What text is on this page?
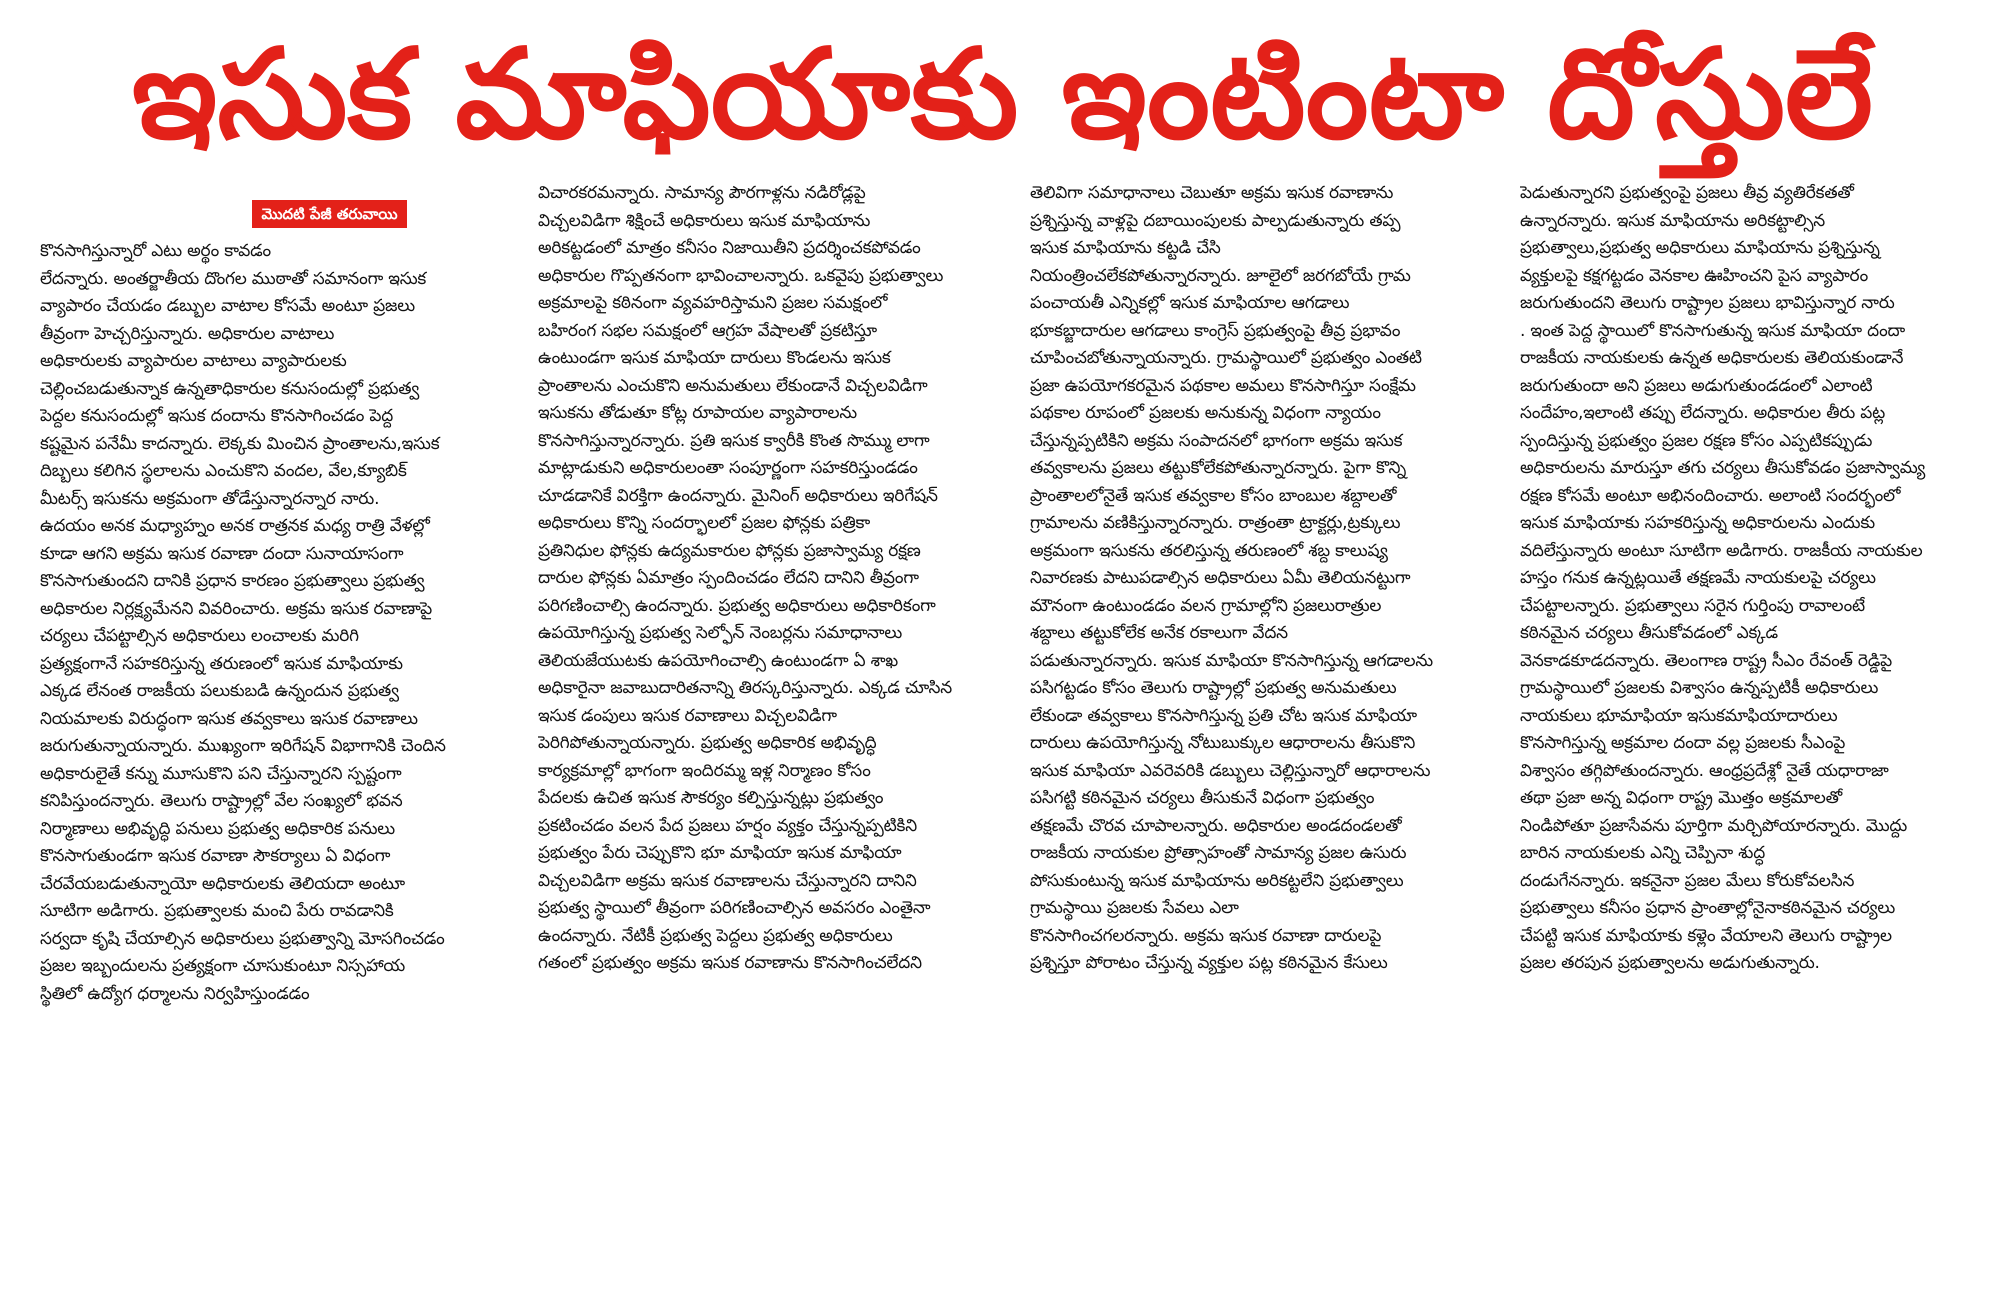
ఇసుక మాఫియాకు ఇంటింటా దోస్తులే
మొదటి పేజీ తరువాయి

కొనసాగిస్తున్నారో ఎటు అర్థం కావడం

లేదన్నారు. అంతర్జాతీయ దొంగల ముఠాతో సమానంగా ఇసుక

వ్యాపారం చేయడం డబ్బుల వాటాల కోసమే అంటూ ప్రజలు

తీవ్రంగా హెచ్చరిస్తున్నారు. అధికారుల వాటాలు

అధికారులకు వ్యాపారుల వాటాలు వ్యాపారులకు

చెల్లించబడుతున్నాక ఉన్నతాధికారుల కనుసందుల్లో ప్రభుత్వ

పెద్దల కనుసందుల్లో ఇసుక దందాను కొనసాగించడం పెద్ద

కష్టమైన పనేమీ కాదన్నారు. లెక్కకు మించిన ప్రాంతాలను,ఇసుక

దిబ్బలు కలిగిన స్థలాలను ఎంచుకొని వందల, వేల,క్యూబిక్

మీటర్స్ ఇసుకను అక్రమంగా తోడేస్తున్నారన్నార నారు.

ఉదయం అనక మధ్యాహ్నం అనక రాత్రనక మధ్య రాత్రి వేళల్లో

కూడా ఆగని అక్రమ ఇసుక రవాణా దందా సునాయాసంగా

కొనసాగుతుందని దానికి ప్రధాన కారణం ప్రభుత్వాలు ప్రభుత్వ

అధికారుల నిర్లక్ష్యమేనని వివరించారు. అక్రమ ఇసుక రవాణాపై

చర్యలు చేపట్టాల్సిన అధికారులు లంచాలకు మరిగి

ప్రత్యక్షంగానే సహకరిస్తున్న తరుణంలో ఇసుక మాఫియాకు

ఎక్కడ లేనంత రాజకీయ పలుకుబడి ఉన్నందున ప్రభుత్వ

నియమాలకు విరుద్ధంగా ఇసుక తవ్వకాలు ఇసుక రవాణాలు

జరుగుతున్నాయన్నారు. ముఖ్యంగా ఇరిగేషన్ విభాగానికి చెందిన

అధికారులైతే కన్ను మూసుకొని పని చేస్తున్నారని స్పష్టంగా

కనిపిస్తుందన్నారు. తెలుగు రాష్ట్రాల్లో వేల సంఖ్యలో భవన

నిర్మాణాలు అభివృద్ధి పనులు ప్రభుత్వ అధికారిక పనులు

కొనసాగుతుండగా ఇసుక రవాణా సౌకర్యాలు ఏ విధంగా

చేరవేయబడుతున్నాయో అధికారులకు తెలియదా అంటూ

సూటిగా అడిగారు. ప్రభుత్వాలకు మంచి పేరు రావడానికి

సర్వదా కృషి చేయాల్సిన అధికారులు ప్రభుత్వాన్ని మోసగించడం

ప్రజల ఇబ్బందులను ప్రత్యక్షంగా చూసుకుంటూ నిస్సహాయ

స్థితిలో ఉద్యోగ ధర్మాలను నిర్వహిస్తుండడం

విచారకరమన్నారు. సామాన్య పౌరగాళ్లను నడిరోడ్లపై

విచ్చలవిడిగా శిక్షించే అధికారులు ఇసుక మాఫియాను

అరికట్టడంలో మాత్రం కనీసం నిజాయితీని ప్రదర్శించకపోవడం

అధికారుల గొప్పతనంగా భావించాలన్నారు. ఒకవైపు ప్రభుత్వాలు

అక్రమాలపై కఠినంగా వ్యవహరిస్తామని ప్రజల సమక్షంలో

బహిరంగ సభల సమక్షంలో ఆగ్రహ వేషాలతో ప్రకటిస్తూ

ఉంటుండగా ఇసుక మాఫియా దారులు కొండలను ఇసుక

ప్రాంతాలను ఎంచుకొని అనుమతులు లేకుండానే విచ్చలవిడిగా

ఇసుకను తోడుతూ కోట్ల రూపాయల వ్యాపారాలను

కొనసాగిస్తున్నారన్నారు. ప్రతి ఇసుక క్వారీకి కొంత సొమ్ము లాగా

మాట్లాడుకుని అధికారులంతా సంపూర్ణంగా సహకరిస్తుండడం

చూడడానికే విరక్తిగా ఉందన్నారు. మైనింగ్ అధికారులు ఇరిగేషన్

అధికారులు కొన్ని సందర్భాలలో ప్రజల ఫోన్లకు పత్రికా

ప్రతినిధుల ఫోన్లకు ఉద్యమకారుల ఫోన్లకు ప్రజాస్వామ్య రక్షణ

దారుల ఫోన్లకు ఏమాత్రం స్పందించడం లేదని దానిని తీవ్రంగా

పరిగణించాల్సి ఉందన్నారు. ప్రభుత్వ అధికారులు అధికారికంగా

ఉపయోగిస్తున్న ప్రభుత్వ సెల్ఫోన్ నెంబర్లను సమాధానాలు

తెలియజేయుటకు ఉపయోగించాల్సి ఉంటుండగా ఏ శాఖ

అధికారైనా జవాబుదారితనాన్ని తిరస్కరిస్తున్నారు. ఎక్కడ చూసిన

ఇసుక డంపులు ఇసుక రవాణాలు విచ్చలవిడిగా

పెరిగిపోతున్నాయన్నారు. ప్రభుత్వ అధికారిక అభివృద్ధి

కార్యక్రమాల్లో భాగంగా ఇందిరమ్మ ఇళ్ల నిర్మాణం కోసం

పేదలకు ఉచిత ఇసుక సౌకర్యం కల్పిస్తున్నట్లు ప్రభుత్వం

ప్రకటించడం వలన పేద ప్రజలు హర్షం వ్యక్తం చేస్తున్నప్పటికిని

ప్రభుత్వం పేరు చెప్పుకొని భూ మాఫియా ఇసుక మాఫియా

విచ్చలవిడిగా అక్రమ ఇసుక రవాణాలను చేస్తున్నారని దానిని

ప్రభుత్వ స్థాయిలో తీవ్రంగా పరిగణించాల్సిన అవసరం ఎంతైనా

ఉందన్నారు. నేటికీ ప్రభుత్వ పెద్దలు ప్రభుత్వ అధికారులు

గతంలో ప్రభుత్వం అక్రమ ఇసుక రవాణాను కొనసాగించలేదని

తెలివిగా సమాధానాలు చెబుతూ అక్రమ ఇసుక రవాణాను

ప్రశ్నిస్తున్న వాళ్లపై దబాయింపులకు పాల్పడుతున్నారు తప్ప

ఇసుక మాఫియాను కట్టడి చేసి

నియంత్రించలేకపోతున్నారన్నారు. జూలైలో జరగబోయే గ్రామ

పంచాయతీ ఎన్నికల్లో ఇసుక మాఫియాల ఆగడాలు

భూకబ్జాదారుల ఆగడాలు కాంగ్రెస్ ప్రభుత్వంపై తీవ్ర ప్రభావం

చూపించబోతున్నాయన్నారు. గ్రామస్థాయిలో ప్రభుత్వం ఎంతటి

ప్రజా ఉపయోగకరమైన పథకాల అమలు కొనసాగిస్తూ సంక్షేమ

పథకాల రూపంలో ప్రజలకు అనుకున్న విధంగా న్యాయం

చేస్తున్నప్పటికిని అక్రమ సంపాదనలో భాగంగా అక్రమ ఇసుక

తవ్వకాలను ప్రజలు తట్టుకోలేకపోతున్నారన్నారు. పైగా కొన్ని

ప్రాంతాలలోనైతే ఇసుక తవ్వకాల కోసం బాంబుల శబ్దాలతో

గ్రామాలను వణికిస్తున్నారన్నారు. రాత్రంతా ట్రాక్టర్లు,ట్రక్కులు

అక్రమంగా ఇసుకను తరలిస్తున్న తరుణంలో శబ్ద కాలుష్య

నివారణకు పాటుపడాల్సిన అధికారులు ఏమీ తెలియనట్టుగా

మౌనంగా ఉంటుండడం వలన గ్రామాల్లోని ప్రజలురాత్రుల

శబ్దాలు తట్టుకోలేక అనేక రకాలుగా వేదన

పడుతున్నారన్నారు. ఇసుక మాఫియా కొనసాగిస్తున్న ఆగడాలను

పసిగట్టడం కోసం తెలుగు రాష్ట్రాల్లో ప్రభుత్వ అనుమతులు

లేకుండా తవ్వకాలు కొనసాగిస్తున్న ప్రతి చోట ఇసుక మాఫియా

దారులు ఉపయోగిస్తున్న నోటుబుక్కుల ఆధారాలను తీసుకొని

ఇసుక మాఫియా ఎవరెవరికి డబ్బులు చెల్లిస్తున్నారో ఆధారాలను

పసిగట్టి కఠినమైన చర్యలు తీసుకునే విధంగా ప్రభుత్వం

తక్షణమే చొరవ చూపాలన్నారు. అధికారుల అండదండలతో

రాజకీయ నాయకుల ప్రోత్సాహంతో సామాన్య ప్రజల ఉసురు

పోసుకుంటున్న ఇసుక మాఫియాను అరికట్టలేని ప్రభుత్వాలు

గ్రామస్థాయి ప్రజలకు సేవలు ఎలా

కొనసాగించగలరన్నారు. అక్రమ ఇసుక రవాణా దారులపై

ప్రశ్నిస్తూ పోరాటం చేస్తున్న వ్యక్తుల పట్ల కఠినమైన కేసులు

పెడుతున్నారని ప్రభుత్వంపై ప్రజలు తీవ్ర వ్యతిరేకతతో

ఉన్నారన్నారు. ఇసుక మాఫియాను అరికట్టాల్సిన

ప్రభుత్వాలు,ప్రభుత్వ అధికారులు మాఫియాను ప్రశ్నిస్తున్న

వ్యక్తులపై కక్షగట్టడం వెనకాల ఊహించని పైస వ్యాపారం

జరుగుతుందని తెలుగు రాష్ట్రాల ప్రజలు భావిస్తున్నార నారు

. ఇంత పెద్ద స్థాయిలో కొనసాగుతున్న ఇసుక మాఫియా దందా

రాజకీయ నాయకులకు ఉన్నత అధికారులకు తెలియకుండానే

జరుగుతుందా అని ప్రజలు అడుగుతుండడంలో ఎలాంటి

సందేహం,ఇలాంటి తప్పు లేదన్నారు. అధికారుల తీరు పట్ల

స్పందిస్తున్న ప్రభుత్వం ప్రజల రక్షణ కోసం ఎప్పటికప్పుడు

అధికారులను మారుస్తూ తగు చర్యలు తీసుకోవడం ప్రజాస్వామ్య

రక్షణ కోసమే అంటూ అభినందించారు. అలాంటి సందర్భంలో

ఇసుక మాఫియాకు సహకరిస్తున్న అధికారులను ఎందుకు

వదిలేస్తున్నారు అంటూ సూటిగా అడిగారు. రాజకీయ నాయకుల

హస్తం గనుక ఉన్నట్లయితే తక్షణమే నాయకులపై చర్యలు

చేపట్టాలన్నారు. ప్రభుత్వాలు సరైన గుర్తింపు రావాలంటే

కఠినమైన చర్యలు తీసుకోవడంలో ఎక్కడ

వెనకాడకూడదన్నారు. తెలంగాణ రాష్ట్ర సీఎం రేవంత్ రెడ్డిపై

గ్రామస్థాయిలో ప్రజలకు విశ్వాసం ఉన్నప్పటికీ అధికారులు

నాయకులు భూమాఫియా ఇసుకమాఫియాదారులు

కొనసాగిస్తున్న అక్రమాల దందా వల్ల ప్రజలకు సీఎంపై

విశ్వాసం తగ్గిపోతుందన్నారు. ఆంధ్రప్రదేశ్లో నైతే యధారాజా

తథా ప్రజా అన్న విధంగా రాష్ట్ర మొత్తం అక్రమాలతో

నిండిపోతూ ప్రజాసేవను పూర్తిగా మర్చిపోయారన్నారు. మొద్దు

బారిన నాయకులకు ఎన్ని చెప్పినా శుద్ధ

దండుగేనన్నారు. ఇకనైనా ప్రజల మేలు కోరుకోవలసిన

ప్రభుత్వాలు కనీసం ప్రధాన ప్రాంతాల్లోనైనాకఠినమైన చర్యలు

చేపట్టి ఇసుక మాఫియాకు కళ్లెం వేయాలని తెలుగు రాష్ట్రాల

ప్రజల తరపున ప్రభుత్వాలను అడుగుతున్నారు.
